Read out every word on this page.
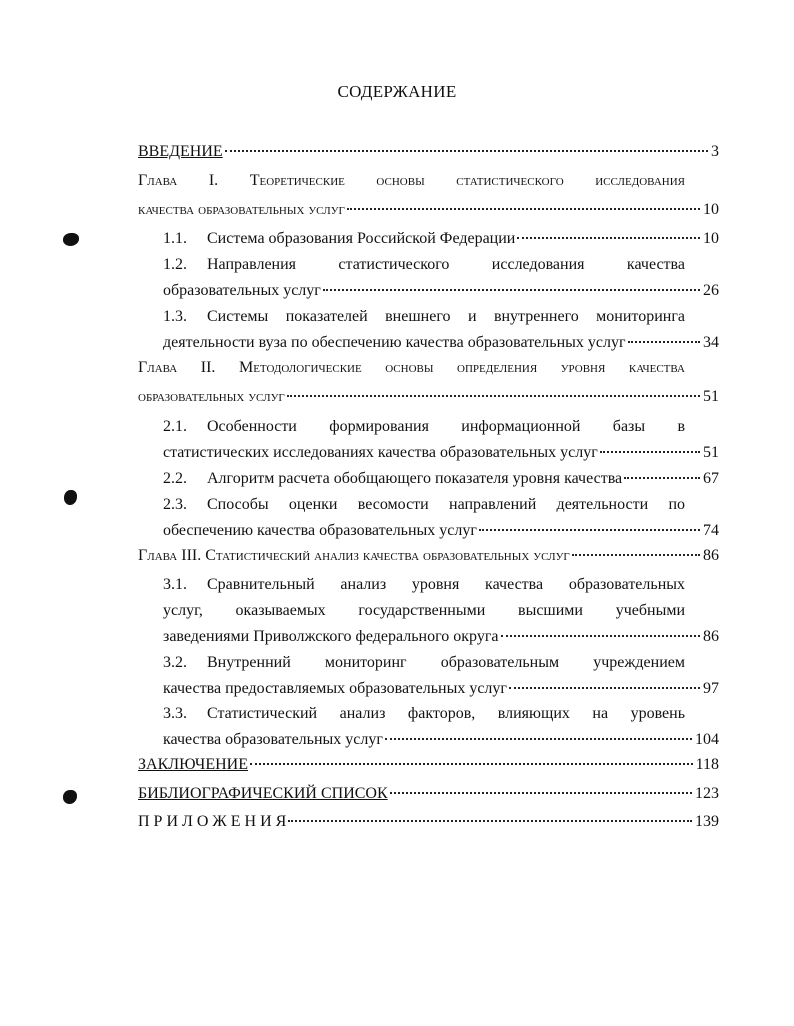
СОДЕРЖАНИЕ
ВВЕДЕНИЕ	3
Глава I. Теоретические основы статистического исследования
качества образовательных услуг	10
1.1.	Система образования Российской Федерации	10
1.2.	Направления статистического исследования качества
образовательных услуг	26
1.3.	Системы показателей внешнего и внутреннего мониторинга
деятельности вуза по обеспечению качества образовательных услуг	34
Глава II. Методологические основы определения уровня качества
образовательных услуг	51
2.1.	Особенности формирования информационной базы в
статистических исследованиях качества образовательных услуг	51
2.2.	Алгоритм расчета обобщающего показателя уровня качества	67
2.3.	Способы оценки весомости направлений деятельности по
обеспечению качества образовательных услуг	74
Глава III. Статистический анализ качества образовательных услуг	86
3.1.	Сравнительный анализ уровня качества образовательных
услуг, оказываемых государственными высшими учебными
заведениями Приволжского федерального округа	86
3.2.	Внутренний мониторинг образовательным учреждением
качества предоставляемых образовательных услуг	97
3.3.	Статистический анализ факторов, влияющих на уровень
качества образовательных услуг	104
ЗАКЛЮЧЕНИЕ	118
БИБЛИОГРАФИЧЕСКИЙ СПИСОК	123
П Р И Л О Ж Е Н И Я	139
